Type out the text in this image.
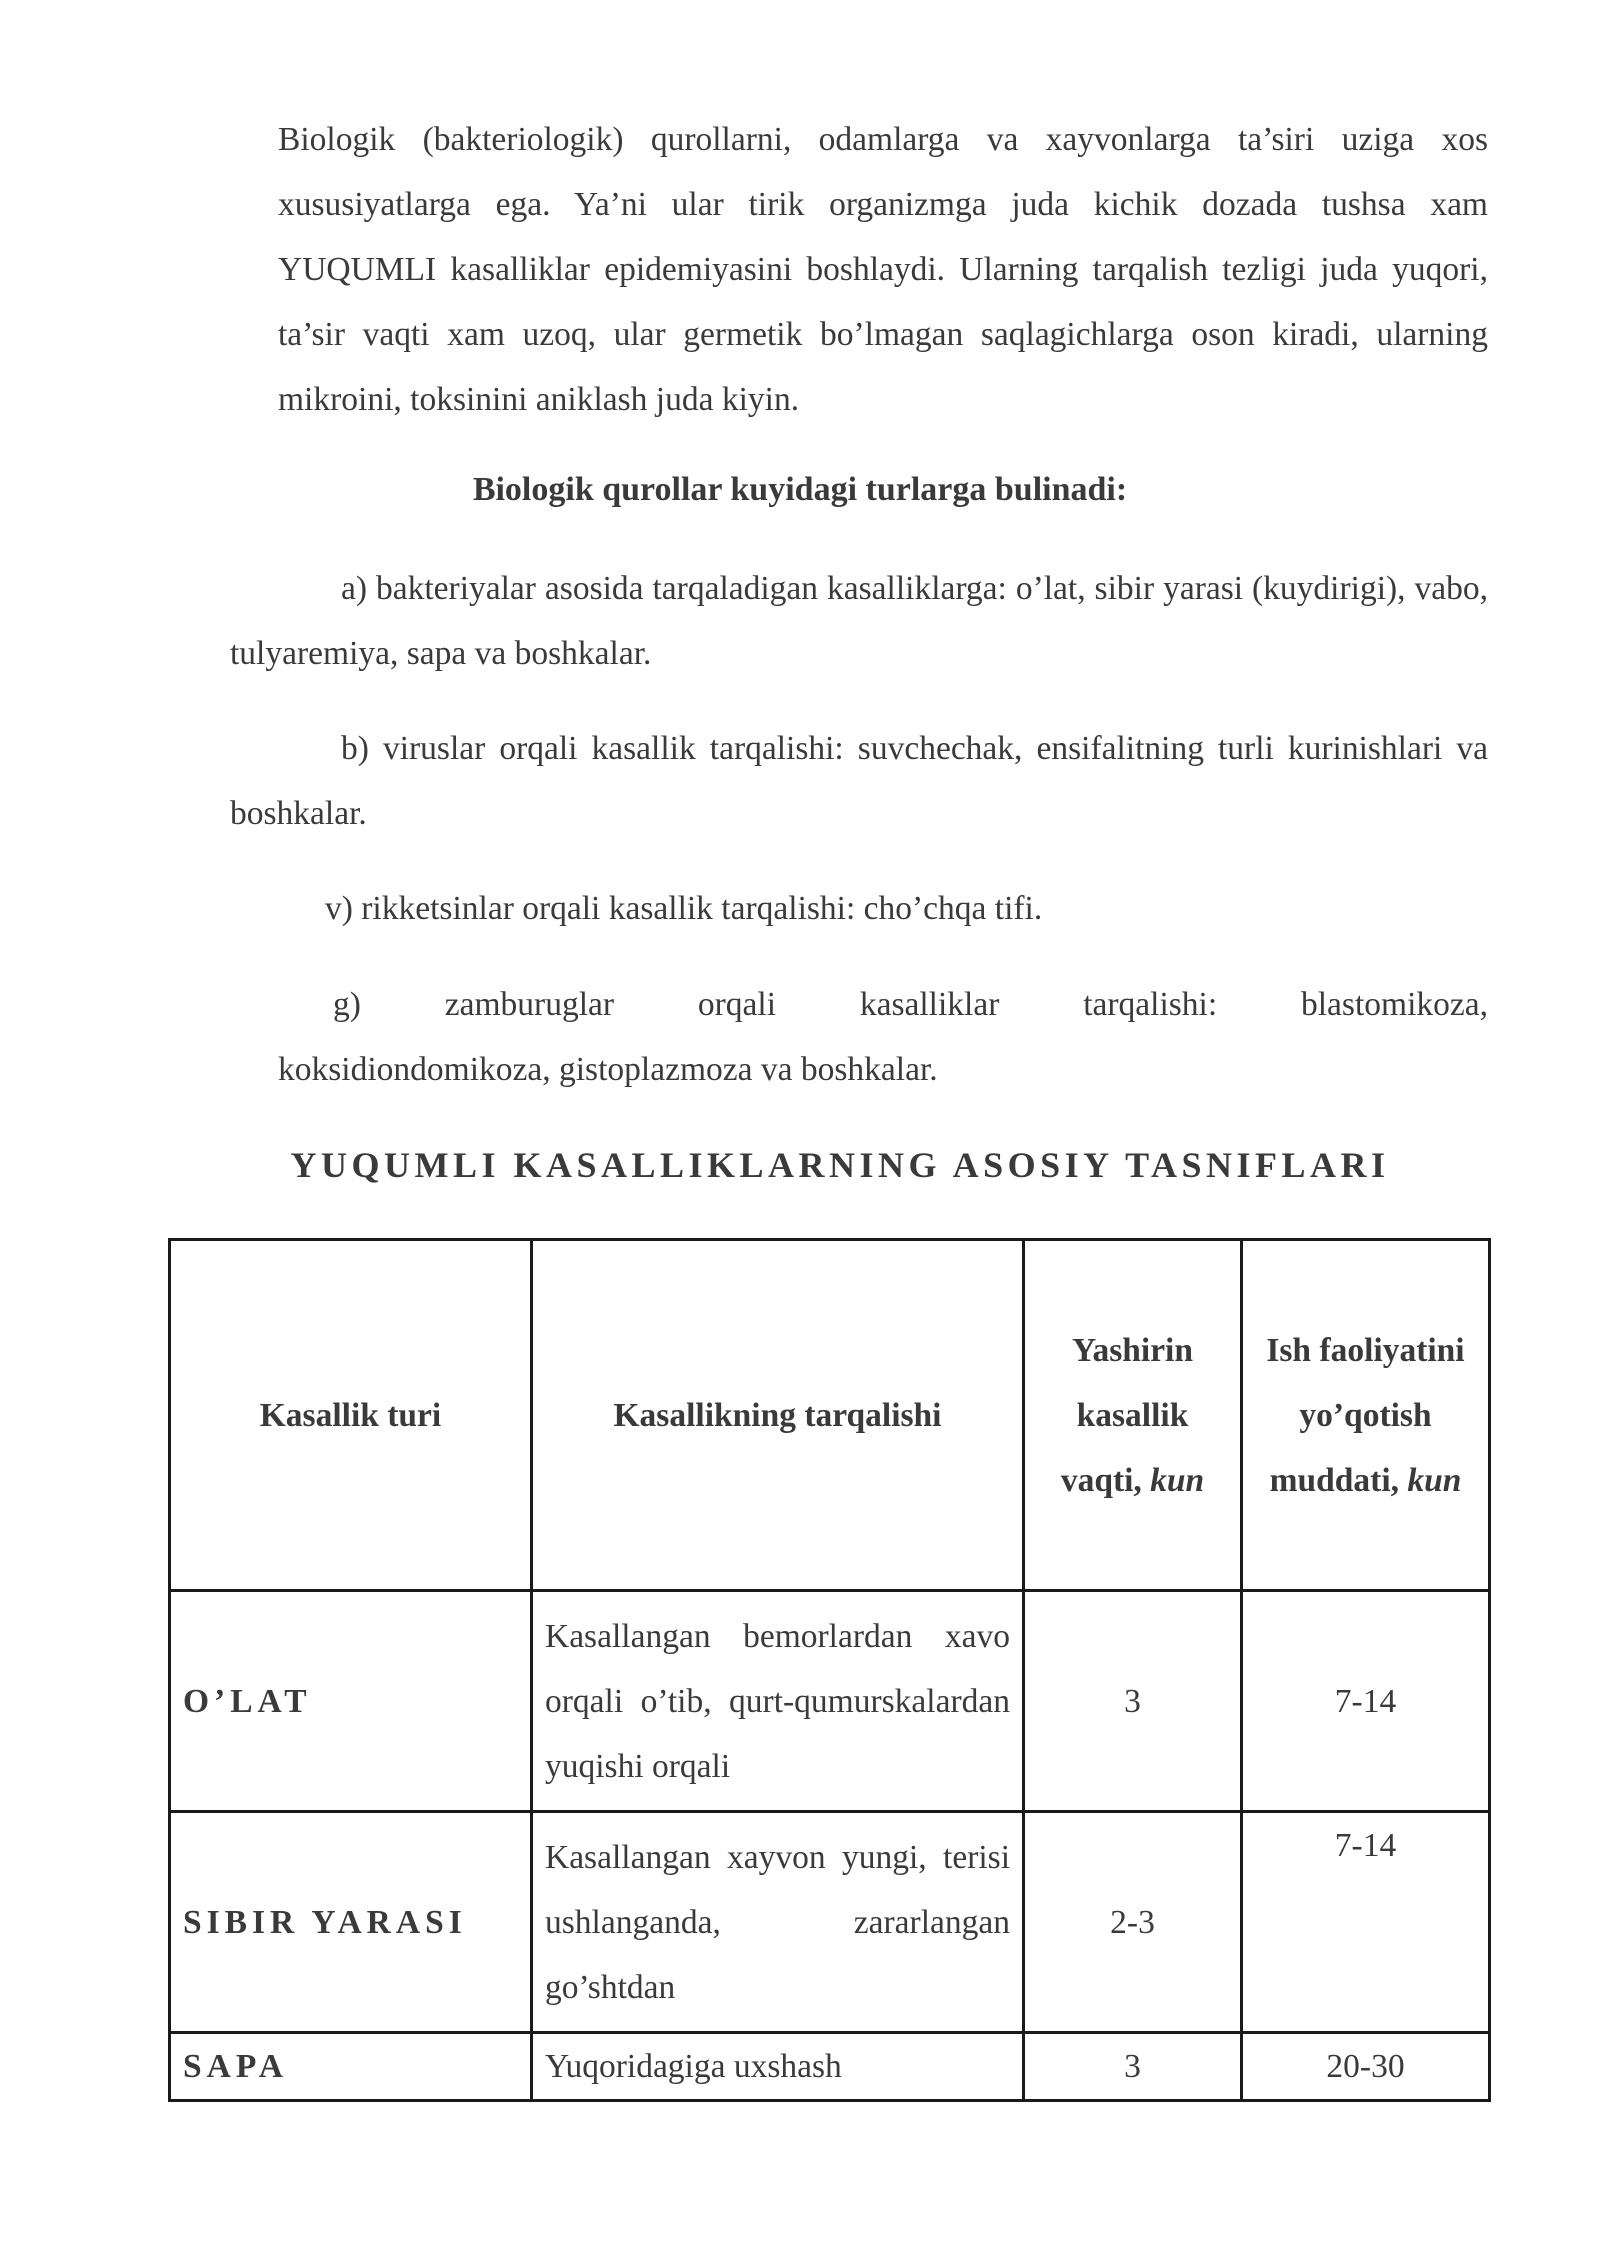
Biologik (bakteriologik) qurollarni, odamlarga va xayvonlarga ta’siri uziga xos xususiyatlarga ega. Ya’ni ular tirik organizmga juda kichik dozada tushsa xam YUQUMLI kasalliklar epidemiyasini boshlaydi. Ularning tarqalish tezligi juda yuqori, ta’sir vaqti xam uzoq, ular germetik bo’lmagan saqlagichlarga oson kiradi, ularning mikroini, toksinini aniklash juda kiyin.

Biologik qurollar kuyidagi turlarga bulinadi:

a) bakteriyalar asosida tarqaladigan kasalliklarga: o’lat, sibir yarasi (kuydirigi), vabo, tulyaremiya, sapa va boshkalar.

b) viruslar orqali kasallik tarqalishi: suvchechak, ensifalitning turli kurinishlari va boshkalar.

v) rikketsinlar orqali kasallik tarqalishi: cho’chqa tifi.

g) zamburuglar orqali kasalliklar tarqalishi: blastomikoza,
koksidiondomikoza, gistoplazmoza va boshkalar.

YUQUMLI KASALLIKLARNING ASOSIY TASNIFLARI

Kasallik turi	Kasallikning tarqalishi	Yashirin kasallik vaqti, kun	Ish faoliyatini yo’qotish muddati, kun
O’LAT	Kasallangan bemorlardan xavo orqali o’tib, qurt-qumurskalardan yuqishi orqali	3	7-14
SIBIR YARASI	Kasallangan xayvon yungi, terisi ushlanganda, zararlangan go’shtdan	2-3	7-14
SAPA	Yuqoridagiga uxshash	3	20-30
